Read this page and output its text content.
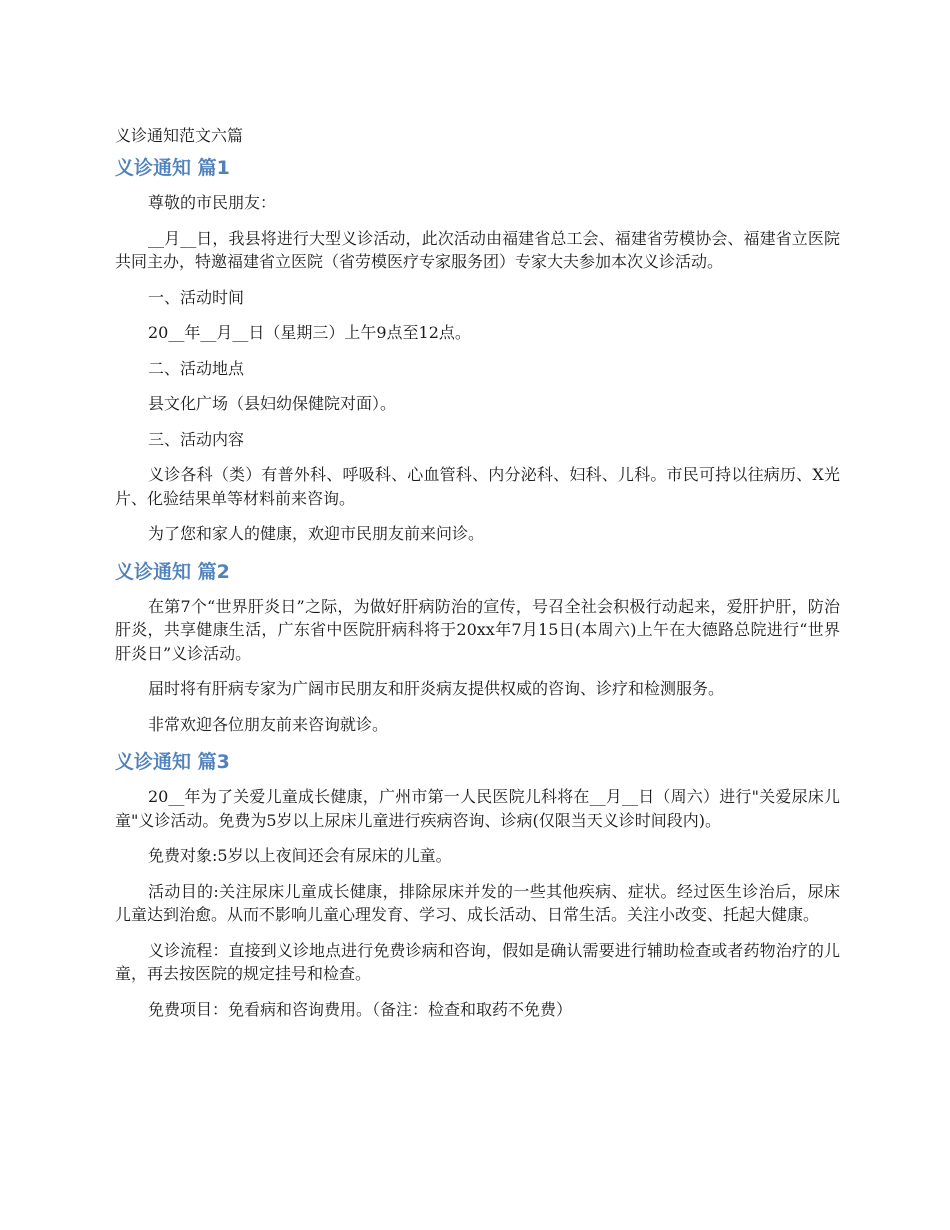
义诊通知范文六篇
义诊通知 篇1

尊敬的市民朋友：

__月__日，我县将进行大型义诊活动，此次活动由福建省总工会、福建省劳模协会、福建省立医院共同主办，特邀福建省立医院（省劳模医疗专家服务团）专家大夫参加本次义诊活动。

一、活动时间

20__年__月__日（星期三）上午9点至12点。

二、活动地点

县文化广场（县妇幼保健院对面）。

三、活动内容

义诊各科（类）有普外科、呼吸科、心血管科、内分泌科、妇科、儿科。市民可持以往病历、X光片、化验结果单等材料前来咨询。

为了您和家人的健康，欢迎市民朋友前来问诊。

义诊通知 篇2

在第7个“世界肝炎日”之际，为做好肝病防治的宣传，号召全社会积极行动起来，爱肝护肝，防治肝炎，共享健康生活，广东省中医院肝病科将于20xx年7月15日(本周六)上午在大德路总院进行“世界肝炎日”义诊活动。

届时将有肝病专家为广阔市民朋友和肝炎病友提供权威的咨询、诊疗和检测服务。

非常欢迎各位朋友前来咨询就诊。

义诊通知 篇3

20__年为了关爱儿童成长健康，广州市第一人民医院儿科将在__月__日（周六）进行"关爱尿床儿童"义诊活动。免费为5岁以上尿床儿童进行疾病咨询、诊病(仅限当天义诊时间段内)。

免费对象:5岁以上夜间还会有尿床的儿童。

活动目的:关注尿床儿童成长健康，排除尿床并发的一些其他疾病、症状。经过医生诊治后，尿床儿童达到治愈。从而不影响儿童心理发育、学习、成长活动、日常生活。关注小改变、托起大健康。

义诊流程：直接到义诊地点进行免费诊病和咨询，假如是确认需要进行辅助检查或者药物治疗的儿童，再去按医院的规定挂号和检查。

免费项目：免看病和咨询费用。（备注：检查和取药不免费）
